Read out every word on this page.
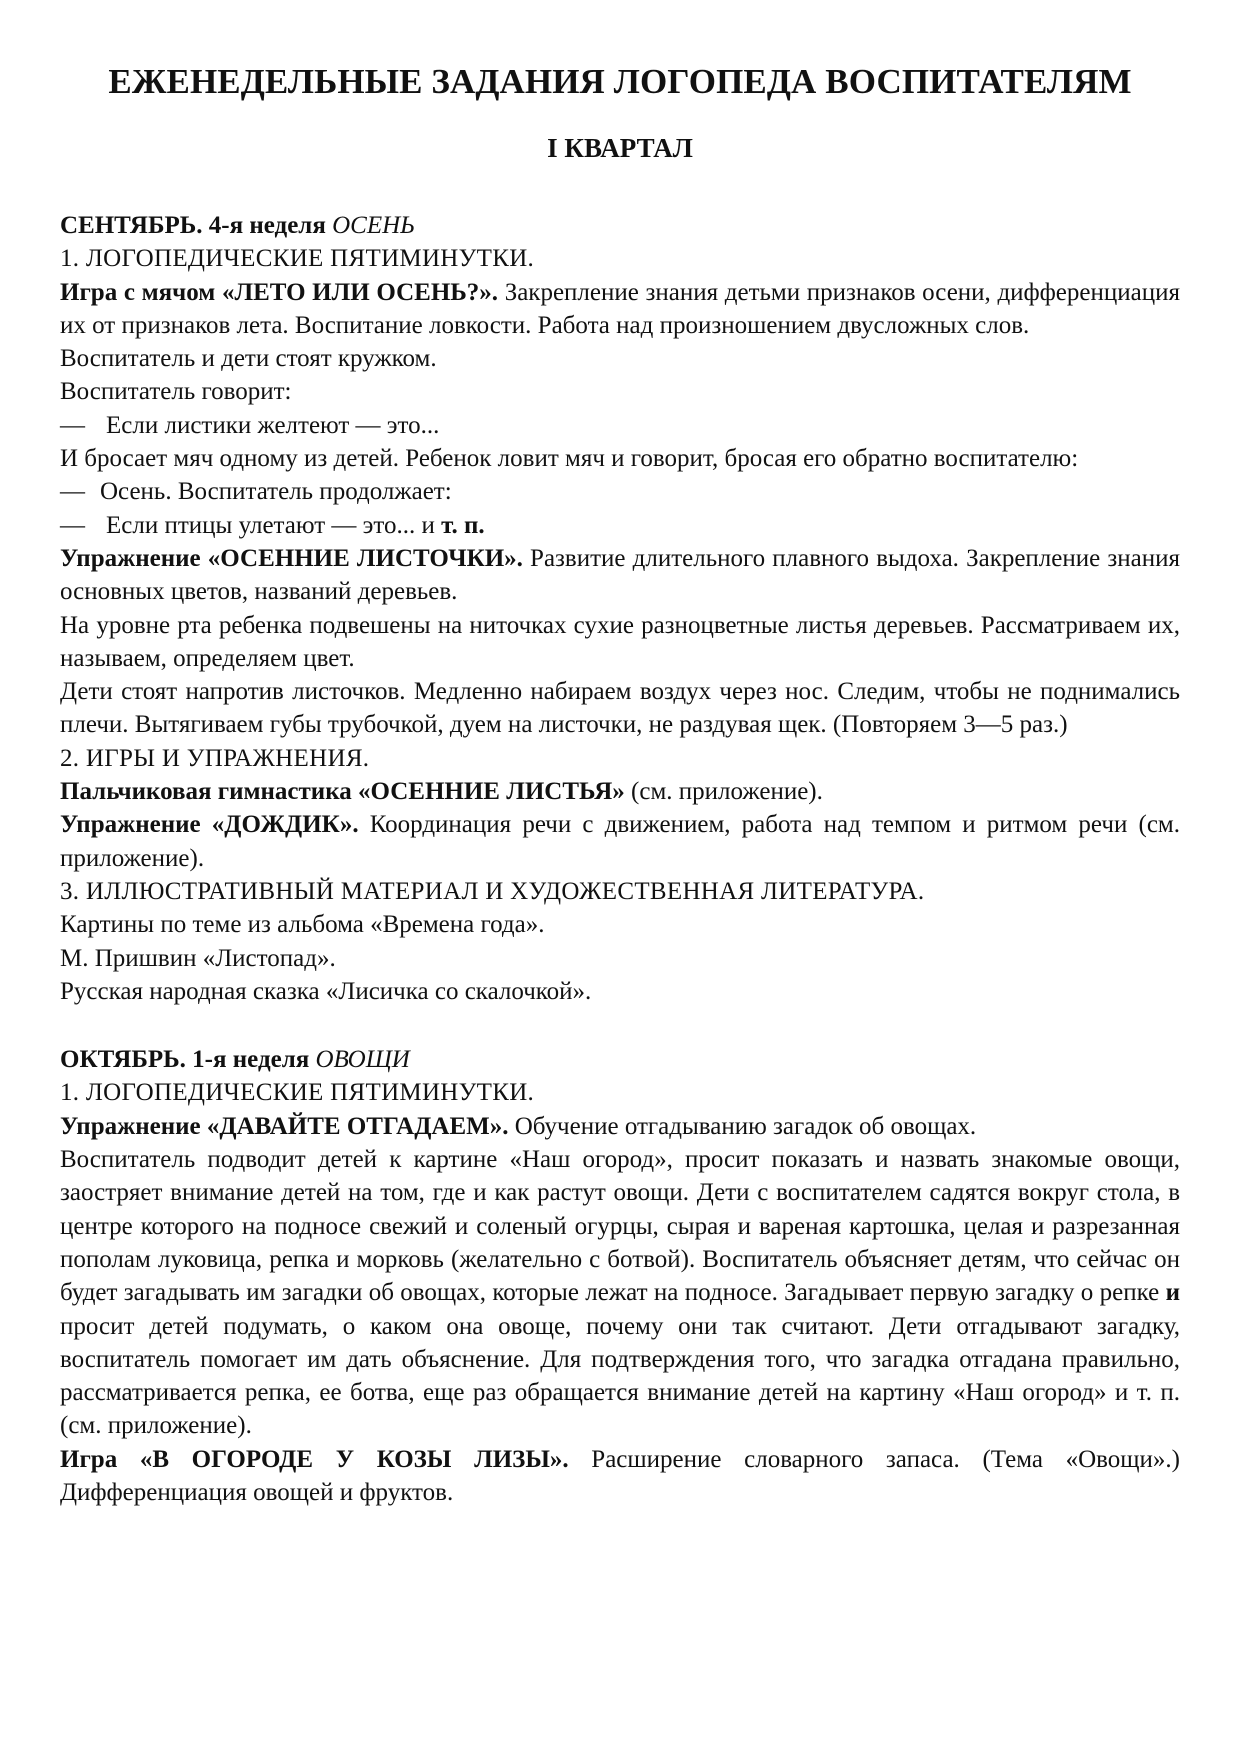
ЕЖЕНЕДЕЛЬНЫЕ ЗАДАНИЯ ЛОГОПЕДА ВОСПИТАТЕЛЯМ
I КВАРТАЛ

СЕНТЯБРЬ. 4-я неделя ОСЕНЬ

1. ЛОГОПЕДИЧЕСКИЕ ПЯТИМИНУТКИ.

Игра с мячом «ЛЕТО ИЛИ ОСЕНЬ?». Закрепление знания детьми признаков осени, дифференциация их от признаков лета. Воспитание ловкости. Работа над произношением двусложных слов.

Воспитатель и дети стоят кружком.

Воспитатель говорит:

— Если листики желтеют — это...

И бросает мяч одному из детей. Ребенок ловит мяч и говорит, бросая его обратно воспитателю:

— Осень. Воспитатель продолжает:

— Если птицы улетают — это... и т. п.

Упражнение «ОСЕННИЕ ЛИСТОЧКИ». Развитие длительного плавного выдоха. Закрепление знания основных цветов, названий деревьев.

На уровне рта ребенка подвешены на ниточках сухие разноцветные листья деревьев. Рассматриваем их, называем, определяем цвет.

Дети стоят напротив листочков. Медленно набираем воздух через нос. Следим, чтобы не поднимались плечи. Вытягиваем губы трубочкой, дуем на листочки, не раздувая щек. (Повторяем 3—5 раз.)

2. ИГРЫ И УПРАЖНЕНИЯ.

Пальчиковая гимнастика «ОСЕННИЕ ЛИСТЬЯ» (см. приложение).

Упражнение «ДОЖДИК». Координация речи с движением, работа над темпом и ритмом речи (см. приложение).

3. ИЛЛЮСТРАТИВНЫЙ МАТЕРИАЛ И ХУДОЖЕСТВЕННАЯ ЛИТЕРАТУРА.

Картины по теме из альбома «Времена года».

М. Пришвин «Листопад».

Русская народная сказка «Лисичка со скалочкой».

ОКТЯБРЬ. 1-я неделя ОВОЩИ

1. ЛОГОПЕДИЧЕСКИЕ ПЯТИМИНУТКИ.

Упражнение «ДАВАЙТЕ ОТГАДАЕМ». Обучение отгадыванию загадок об овощах.

Воспитатель подводит детей к картине «Наш огород», просит показать и назвать знакомые овощи, заостряет внимание детей на том, где и как растут овощи. Дети с воспитателем садятся вокруг стола, в центре которого на подносе свежий и соленый огурцы, сырая и вареная картошка, целая и разрезанная пополам луковица, репка и морковь (желательно с ботвой). Воспитатель объясняет детям, что сейчас он будет загадывать им загадки об овощах, которые лежат на подносе. Загадывает первую загадку о репке и просит детей подумать, о каком она овоще, почему они так считают. Дети отгадывают загадку, воспитатель помогает им дать объяснение. Для подтверждения того, что загадка отгадана правильно, рассматривается репка, ее ботва, еще раз обращается внимание детей на картину «Наш огород» и т. п. (см. приложение).

Игра «В ОГОРОДЕ У КОЗЫ ЛИЗЫ». Расширение словарного запаса. (Тема «Овощи».) Дифференциация овощей и фруктов.
